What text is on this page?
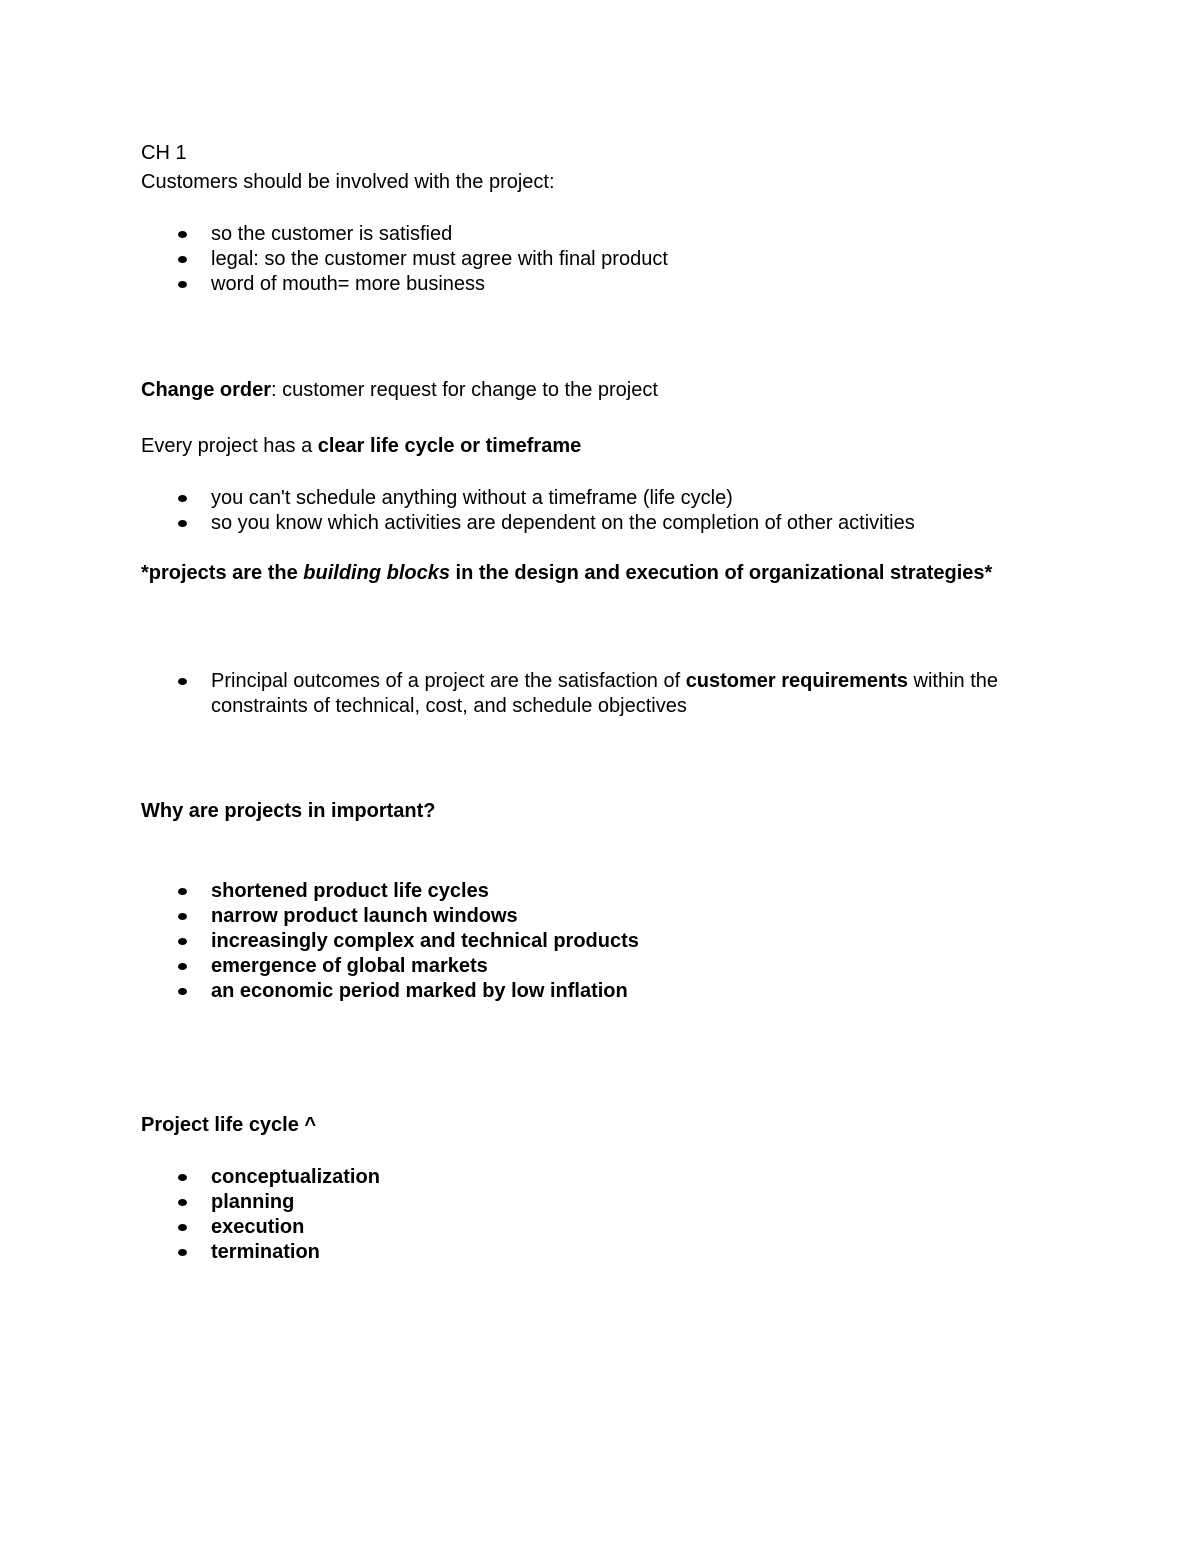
CH 1

Customers should be involved with the project:

so the customer is satisfied
legal: so the customer must agree with final product
word of mouth= more business

Change order: customer request for change to the project

Every project has a clear life cycle or timeframe

you can't schedule anything without a timeframe (life cycle)
so you know which activities are dependent on the completion of other activities

*projects are the building blocks in the design and execution of organizational strategies*

Principal outcomes of a project are the satisfaction of customer requirements within the constraints of technical, cost, and schedule objectives

Why are projects in important?

shortened product life cycles
narrow product launch windows
increasingly complex and technical products
emergence of global markets
an economic period marked by low inflation

Project life cycle ^

conceptualization
planning
execution
termination
